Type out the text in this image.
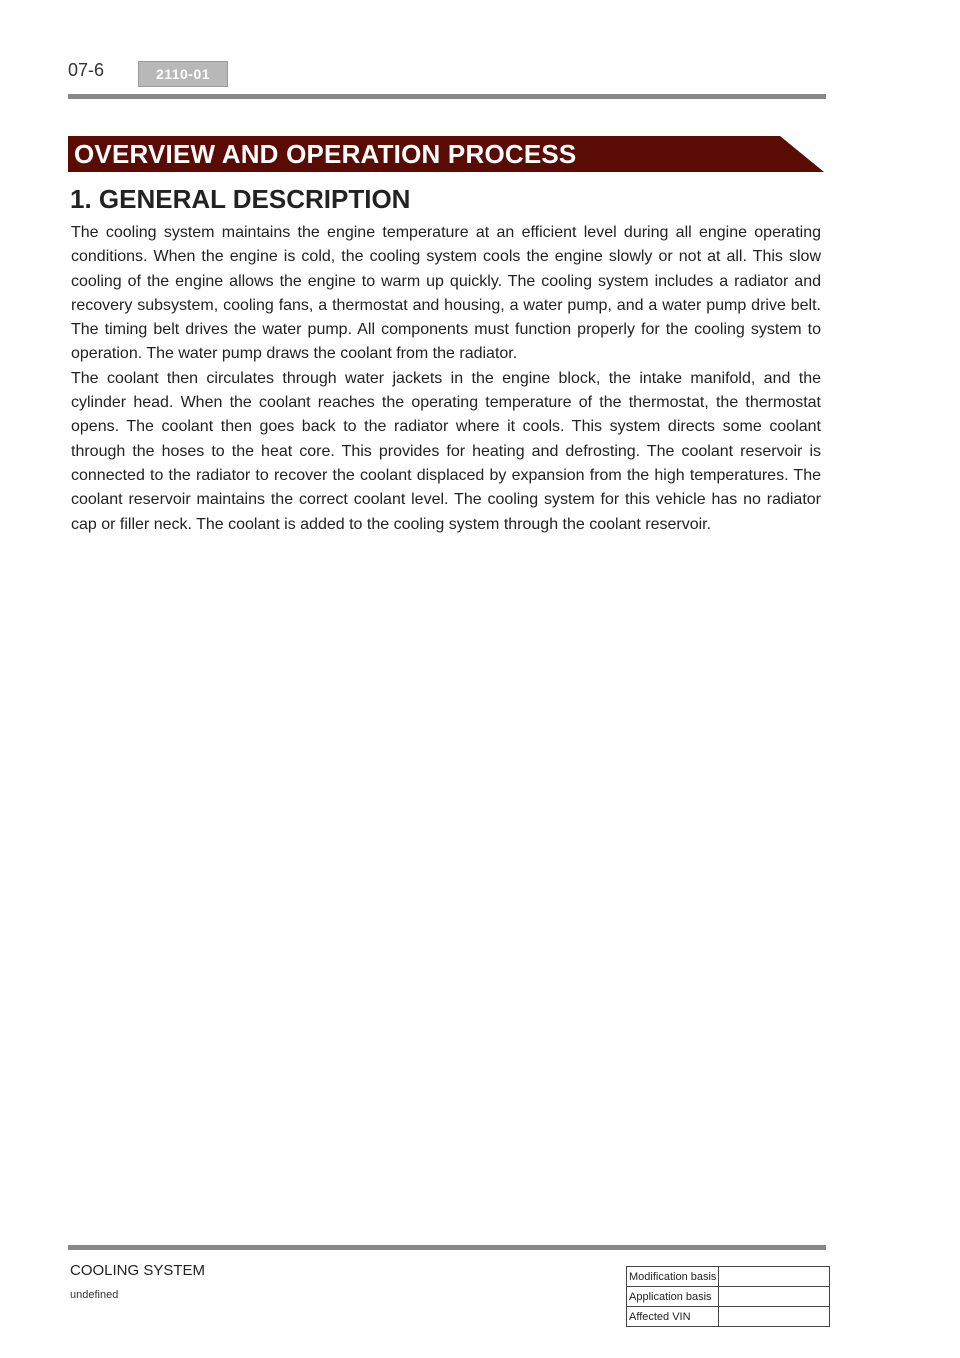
07-6	2110-01
OVERVIEW AND OPERATION PROCESS
1. GENERAL DESCRIPTION

The cooling system maintains the engine temperature at an efficient level during all engine operating conditions. When the engine is cold, the cooling system cools the engine slowly or not at all. This slow cooling of the engine allows the engine to warm up quickly. The cooling system includes a radiator and recovery subsystem, cooling fans, a thermostat and housing, a water pump, and a water pump drive belt. The timing belt drives the water pump. All components must function properly for the cooling system to operation. The water pump draws the coolant from the radiator.

The coolant then circulates through water jackets in the engine block, the intake manifold, and the cylinder head. When the coolant reaches the operating temperature of the thermostat, the thermostat opens. The coolant then goes back to the radiator where it cools. This system directs some coolant through the hoses to the heat core. This provides for heating and defrosting. The coolant reservoir is connected to the radiator to recover the coolant displaced by expansion from the high temperatures. The coolant reservoir maintains the correct coolant level. The cooling system for this vehicle has no radiator cap or filler neck. The coolant is added to the cooling system through the coolant reservoir.

COOLING SYSTEM
undefined
Modification basis	
Application basis	
Affected VIN	
